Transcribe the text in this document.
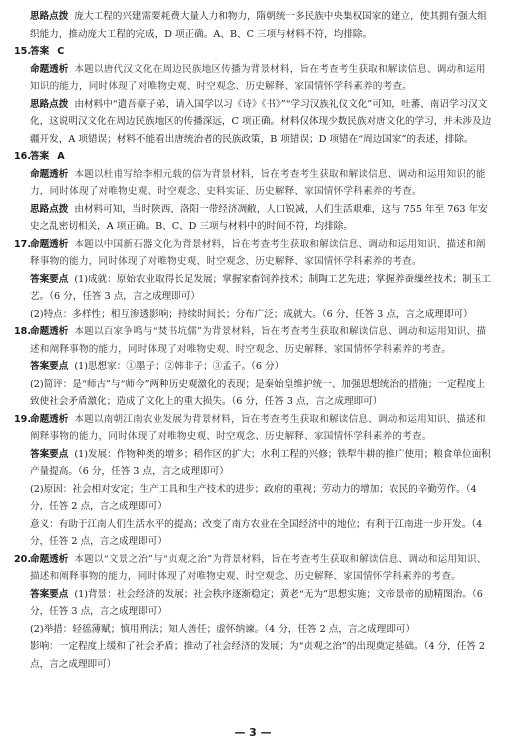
思路点拨 庞大工程的兴建需要耗费大量人力和物力，隋朝统一多民族中央集权国家的建立，使其拥有强大组织能力，推动庞大工程的完成，D 项正确。A、B、C 三项与材料不符，均排除。
15.答案 C
命题透析 本题以唐代汉文化在周边民族地区传播为背景材料，旨在考查考生获取和解读信息、调动和运用知识的能力，同时体现了对唯物史观、时空观念、历史解释、家国情怀学科素养的考查。
思路点拨 由材料中“遣吾豪子弟，请入国学以习《诗》《书》”“学习汉族礼仪文化”可知，吐蕃、南诏学习汉文化，这说明汉文化在周边民族地区的传播深远，C 项正确。材料仅体现少数民族对唐文化的学习，并未涉及边疆开发，A 项错误；材料不能看出唐统治者的民族政策，B 项错误；D 项错在“周边国家”的表述，排除。
16.答案 A
命题透析 本题以杜甫写给李相元载的信为背景材料，旨在考查考生获取和解读信息、调动和运用知识的能力，同时体现了对唯物史观、时空观念、史料实证、历史解释、家国情怀学科素养的考查。
思路点拨 由材料可知，当时陕西、洛阳一带经济凋敝，人口锐减，人们生活艰难，这与 755 年至 763 年安史之乱密切相关，A 项正确。B、C、D 三项与材料中的时间不符，均排除。
17.命题透析 本题以中国新石器文化为背景材料，旨在考查考生获取和解读信息、调动和运用知识、描述和阐释事物的能力，同时体现了对唯物史观、时空观念、历史解释、家国情怀学科素养的考查。
答案要点 (1)成就：原始农业取得长足发展；掌握家畜饲养技术；制陶工艺先进；掌握养蚕缫丝技术；制玉工艺。（6 分，任答 3 点，言之成理即可）
(2)特点：多样性；相互渗透影响；持续时间长；分布广泛；成就大。（6 分，任答 3 点，言之成理即可）
18.命题透析 本题以百家争鸣与“焚书坑儒”为背景材料，旨在考查考生获取和解读信息、调动和运用知识、描述和阐释事物的能力，同时体现了对唯物史观、时空观念、历史解释、家国情怀学科素养的考查。
答案要点 (1)思想家：①墨子；②韩非子；③孟子。（6 分）
(2)简评：是“师古”与“师今”两种历史观激化的表现；是秦始皇维护统一、加强思想统治的措施；一定程度上致使社会矛盾激化；造成了文化上的重大损失。（6 分，任答 3 点，言之成理即可）
19.命题透析 本题以南朝江南农业发展为背景材料，旨在考查考生获取和解读信息、调动和运用知识、描述和阐释事物的能力，同时体现了对唯物史观、时空观念、历史解释、家国情怀学科素养的考查。
答案要点 (1)发展：作物种类的增多；稻作区的扩大；水利工程的兴修；铁犁牛耕的推广使用；粮食单位面积产量提高。（6 分，任答 3 点，言之成理即可）
(2)原因：社会相对安定；生产工具和生产技术的进步；政府的重视；劳动力的增加；农民的辛勤劳作。（4 分，任答 2 点，言之成理即可）
意义：有助于江南人们生活水平的提高；改变了南方农业在全国经济中的地位；有利于江南进一步开发。（4 分，任答 2 点，言之成理即可）
20.命题透析 本题以“文景之治”与“贞观之治”为背景材料，旨在考查考生获取和解读信息、调动和运用知识、描述和阐释事物的能力，同时体现了对唯物史观、时空观念、历史解释、家国情怀学科素养的考查。
答案要点 (1)背景：社会经济的发展；社会秩序逐渐稳定；黄老“无为”思想实施；文帝景帝的励精图治。（6 分，任答 3 点，言之成理即可）
(2)举措：轻徭薄赋；慎用刑法；知人善任；虚怀纳谏。（4 分，任答 2 点，言之成理即可）
影响：一定程度上缓和了社会矛盾；推动了社会经济的发展；为“贞观之治”的出现奠定基础。（4 分，任答 2 点，言之成理即可）
— 3 —
